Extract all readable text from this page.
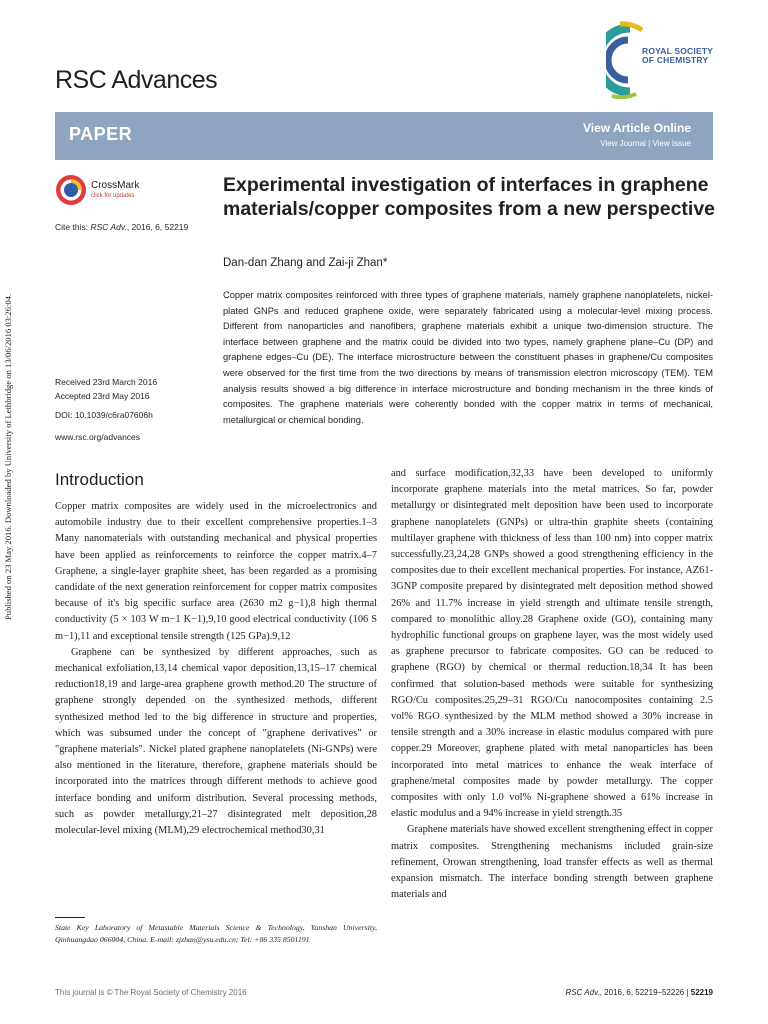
Published on 23 May 2016. Downloaded by University of Lethbridge on 13/06/2016 03:26:04.
RSC Advances
ROYAL SOCIETY
OF CHEMISTRY
PAPER	View Article Online
View Journal | View Issue
CrossMark
click for updates
Cite this: RSC Adv., 2016, 6, 52219
Received 23rd March 2016
Accepted 23rd May 2016
DOI: 10.1039/c6ra07606h
www.rsc.org/advances
Experimental investigation of interfaces in graphene materials/copper composites from a new perspective
Dan-dan Zhang and Zai-ji Zhan*
Copper matrix composites reinforced with three types of graphene materials, namely graphene nanoplatelets, nickel-plated GNPs and reduced graphene oxide, were separately fabricated using a molecular-level mixing process. Different from nanoparticles and nanofibers, graphene materials exhibit a unique two-dimension structure. The interface between graphene and the matrix could be divided into two types, namely graphene plane–Cu (DP) and graphene edges–Cu (DE). The interface microstructure between the constituent phases in graphene/Cu composites were observed for the first time from the two directions by means of transmission electron microscopy (TEM). TEM analysis results showed a big difference in interface microstructure and bonding mechanism in the three kinds of composites. The graphene materials were coherently bonded with the copper matrix in terms of mechanical, metallurgical or chemical bonding.
Introduction

Copper matrix composites are widely used in the microelectronics and automobile industry due to their excellent comprehensive properties.1–3 Many nanomaterials with outstanding mechanical and physical properties have been applied as reinforcements to reinforce the copper matrix.4–7 Graphene, a single-layer graphite sheet, has been regarded as a promising candidate of the next generation reinforcement for copper matrix composites because of it's big specific surface area (2630 m2 g−1),8 high thermal conductivity (5 × 103 W m−1 K−1),9,10 good electrical conductivity (106 S m−1),11 and exceptional tensile strength (125 GPa).9,12

Graphene can be synthesized by different approaches, such as mechanical exfoliation,13,14 chemical vapor deposition,13,15–17 chemical reduction18,19 and large-area graphene growth method.20 The structure of graphene strongly depended on the synthesized methods, different synthesized method led to the big difference in structure and properties, which was subsumed under the concept of "graphene derivatives" or "graphene materials". Nickel plated graphene nanoplatelets (Ni-GNPs) were also mentioned in the literature, therefore, graphene materials should be incorporated into the matrices through different methods to achieve good interface bonding and uniform distribution. Several processing methods, such as powder metallurgy,21–27 disintegrated melt deposition,28 molecular-level mixing (MLM),29 electrochemical method30,31

and surface modification,32,33 have been developed to uniformly incorporate graphene materials into the metal matrices. So far, powder metallurgy or disintegrated melt deposition have been used to incorporate graphene nanoplatelets (GNPs) or ultra-thin graphite sheets (containing multilayer graphene with thickness of less than 100 nm) into copper matrix successfully.23,24,28 GNPs showed a good strengthening efficiency in the composites due to their excellent mechanical properties. For instance, AZ61-3GNP composite prepared by disintegrated melt deposition method showed 26% and 11.7% increase in yield strength and ultimate tensile strength, compared to monolithic alloy.28 Graphene oxide (GO), containing many hydrophilic functional groups on graphene layer, was the most widely used as graphene precursor to fabricate composites. GO can be reduced to graphene (RGO) by chemical or thermal reduction.18,34 It has been confirmed that solution-based methods were suitable for synthesizing RGO/Cu composites.25,29–31 RGO/Cu nanocomposites containing 2.5 vol% RGO synthesized by the MLM method showed a 30% increase in tensile strength and a 30% increase in elastic modulus compared with pure copper.29 Moreover, graphene plated with metal nanoparticles has been incorporated into metal matrices to enhance the weak interface of graphene/metal composites made by powder metallurgy. The copper composites with only 1.0 vol% Ni-graphene showed a 61% increase in elastic modulus and a 94% increase in yield strength.35

Graphene materials have showed excellent strengthening effect in copper matrix composites. Strengthening mechanisms included grain-size refinement, Orowan strengthening, load transfer effects as well as thermal expansion mismatch. The interface bonding strength between graphene materials and

State Key Laboratory of Metastable Materials Science & Technology, Yanshan University, Qinhuangdao 066004, China. E-mail: zjzhan@ysu.edu.cn; Tel: +86 335 8501191
This journal is © The Royal Society of Chemistry 2016	RSC Adv., 2016, 6, 52219–52226 | 52219
